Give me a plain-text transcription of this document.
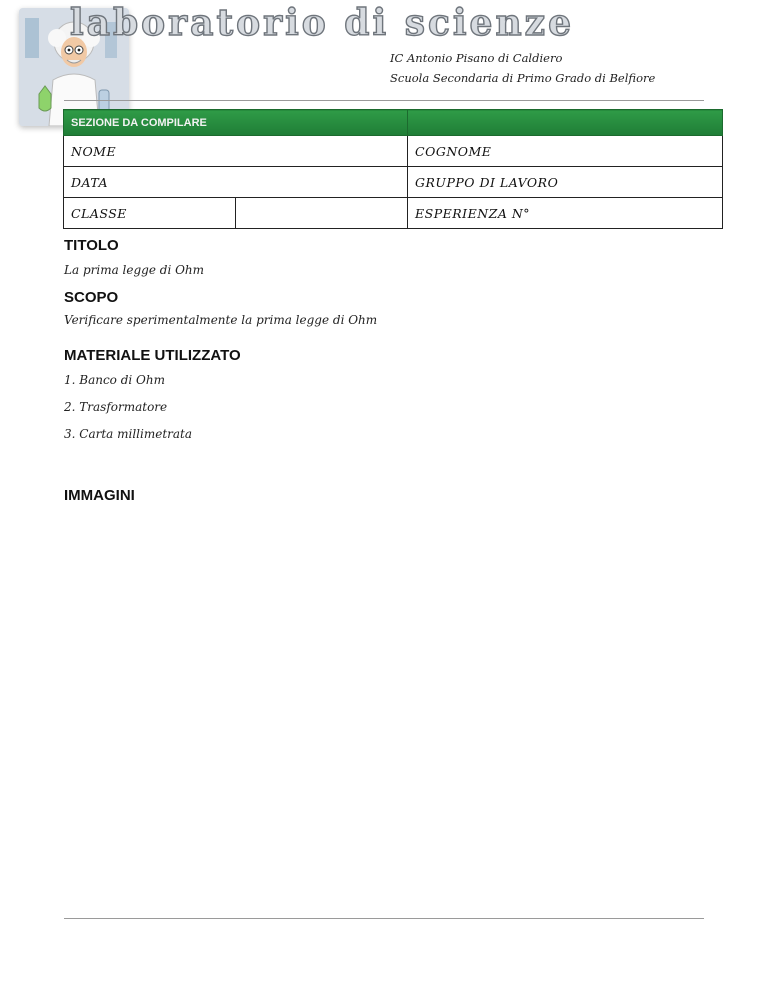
laboratorio di scienze
IC Antonio Pisano di Caldiero
Scuola Secondaria di Primo Grado di Belfiore
SEZIONE DA COMPILARE		
NOME		COGNOME
DATA		GRUPPO DI LAVORO
CLASSE		ESPERIENZA N°
TITOLO
La prima legge di Ohm
SCOPO
Verificare sperimentalmente la prima legge di Ohm
MATERIALE UTILIZZATO
1. Banco di Ohm
2. Trasformatore
3. Carta millimetrata
IMMAGINI
